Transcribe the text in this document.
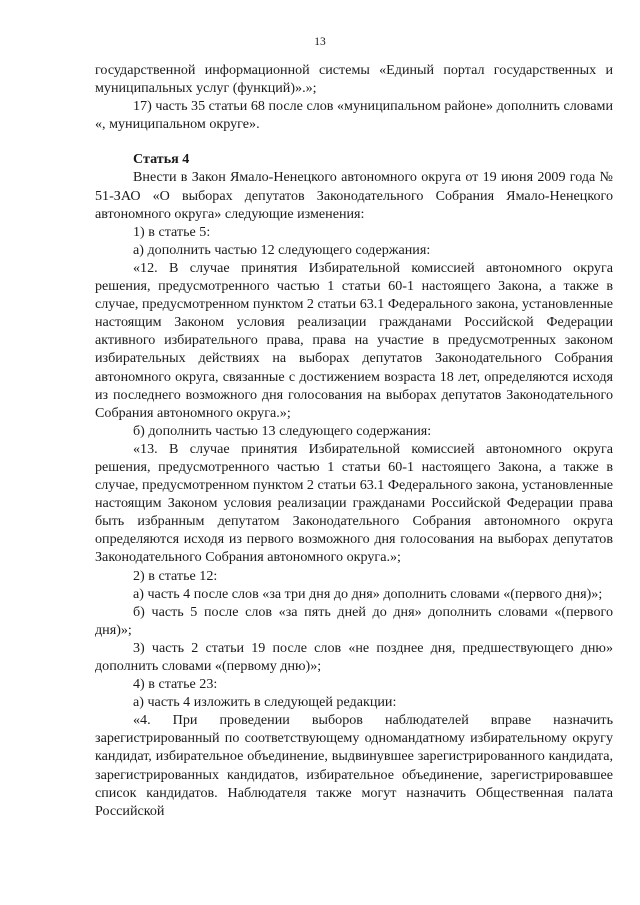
13

государственной информационной системы «Единый портал государственных и муниципальных услуг (функций)».»;

17) часть 35 статьи 68 после слов «муниципальном районе» дополнить словами «, муниципальном округе».

Статья 4

Внести в Закон Ямало-Ненецкого автономного округа от 19 июня 2009 года № 51-ЗАО «О выборах депутатов Законодательного Собрания Ямало-Ненецкого автономного округа» следующие изменения:

1) в статье 5:

а) дополнить частью 12 следующего содержания:

«12. В случае принятия Избирательной комиссией автономного округа решения, предусмотренного частью 1 статьи 60-1 настоящего Закона, а также в случае, предусмотренном пунктом 2 статьи 63.1 Федерального закона, установленные настоящим Законом условия реализации гражданами Российской Федерации активного избирательного права, права на участие в предусмотренных законом избирательных действиях на выборах депутатов Законодательного Собрания автономного округа, связанные с достижением возраста 18 лет, определяются исходя из последнего возможного дня голосования на выборах депутатов Законодательного Собрания автономного округа.»;

б) дополнить частью 13 следующего содержания:

«13. В случае принятия Избирательной комиссией автономного округа решения, предусмотренного частью 1 статьи 60-1 настоящего Закона, а также в случае, предусмотренном пунктом 2 статьи 63.1 Федерального закона, установленные настоящим Законом условия реализации гражданами Российской Федерации права быть избранным депутатом Законодательного Собрания автономного округа определяются исходя из первого возможного дня голосования на выборах депутатов Законодательного Собрания автономного округа.»;

2) в статье 12:

а) часть 4 после слов «за три дня до дня» дополнить словами «(первого дня)»;

б) часть 5 после слов «за пять дней до дня» дополнить словами «(первого дня)»;

3) часть 2 статьи 19 после слов «не позднее дня, предшествующего дню» дополнить словами «(первому дню)»;

4) в статье 23:

а) часть 4 изложить в следующей редакции:

«4. При проведении выборов наблюдателей вправе назначить зарегистрированный по соответствующему одномандатному избирательному округу кандидат, избирательное объединение, выдвинувшее зарегистрированного кандидата, зарегистрированных кандидатов, избирательное объединение, зарегистрировавшее список кандидатов. Наблюдателя также могут назначить Общественная палата Российской
